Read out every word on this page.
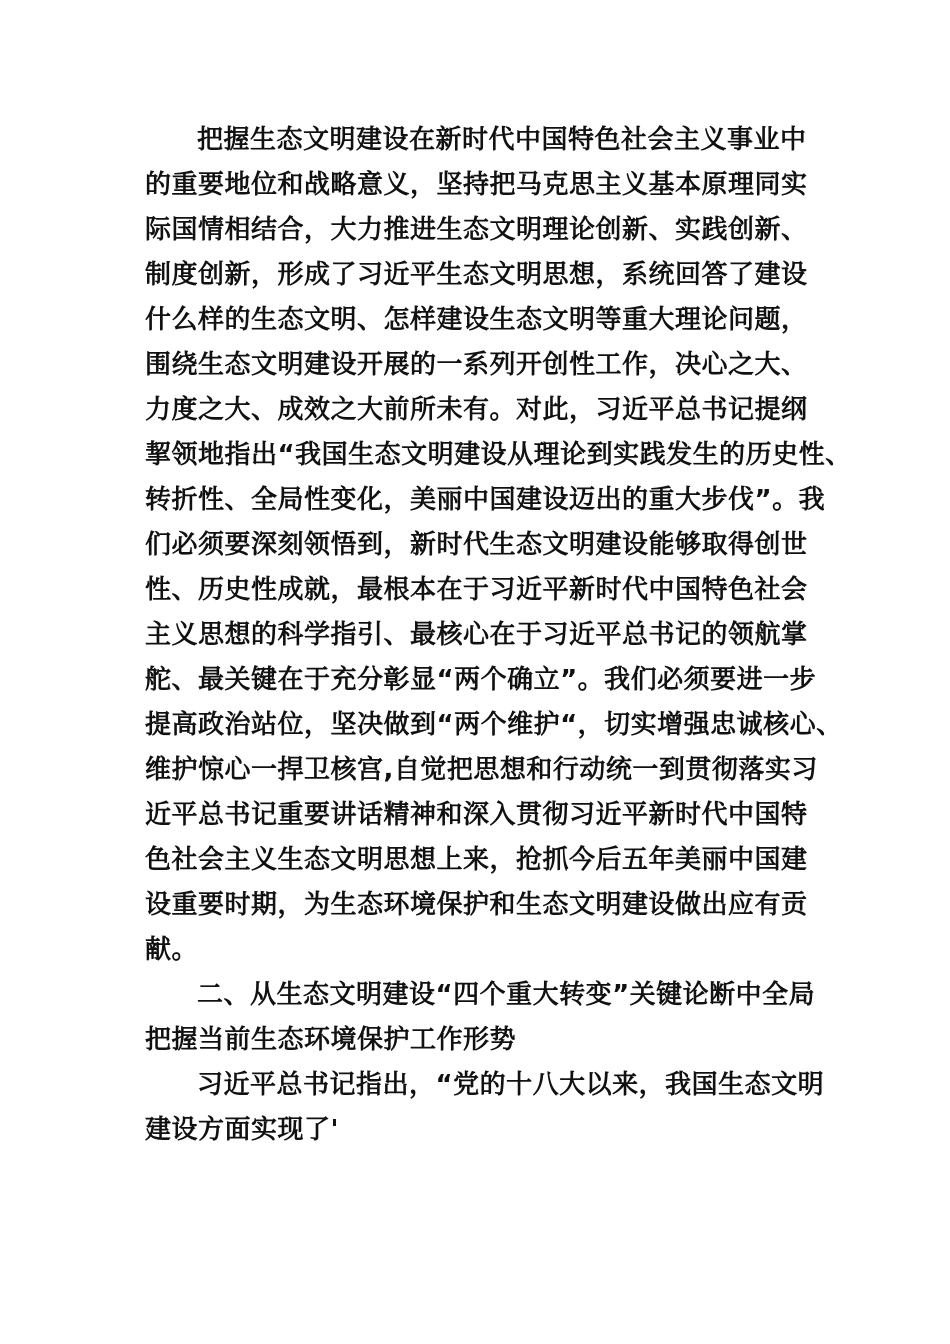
把握生态文明建设在新时代中国特色社会主义事业中
的重要地位和战略意义，坚持把马克思主义基本原理同实
际国情相结合，大力推进生态文明理论创新、实践创新、
制度创新，形成了习近平生态文明思想，系统回答了建设
什么样的生态文明、怎样建设生态文明等重大理论问题，
围绕生态文明建设开展的一系列开创性工作，决心之大、
力度之大、成效之大前所未有。对此，习近平总书记提纲
挈领地指出“我国生态文明建设从理论到实践发生的历史性、
转折性、全局性变化，美丽中国建设迈出的重大步伐”。我
们必须要深刻领悟到，新时代生态文明建设能够取得创世
性、历史性成就，最根本在于习近平新时代中国特色社会
主义思想的科学指引、最核心在于习近平总书记的领航掌
舵、最关键在于充分彰显“两个确立”。我们必须要进一步
提高政治站位，坚决做到“两个维护“，切实增强忠诚核心、
维护惊心一捍卫核宫,自觉把思想和行动统一到贯彻落实习
近平总书记重要讲话精神和深入贯彻习近平新时代中国特
色社会主义生态文明思想上来，抢抓今后五年美丽中国建
设重要时期，为生态环境保护和生态文明建设做出应有贡
献。
二、从生态文明建设“四个重大转变”关键论断中全局
把握当前生态环境保护工作形势
习近平总书记指出，“党的十八大以来，我国生态文明
建设方面实现了'
